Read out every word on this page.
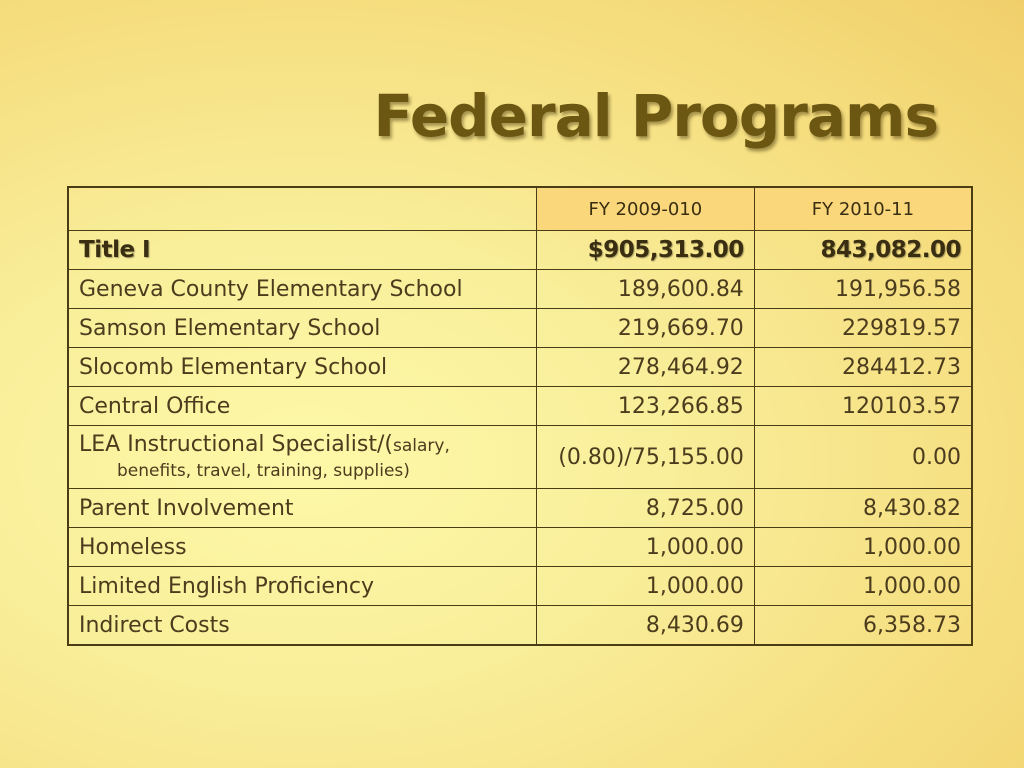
Federal Programs
	FY 2009-010	FY 2010-11
Title I	$905,313.00	843,082.00
Geneva County Elementary School	189,600.84	191,956.58
Samson Elementary School	219,669.70	229819.57
Slocomb Elementary School	278,464.92	284412.73
Central Office	123,266.85	120103.57

LEA Instructional Specialist/(salary,
benefits, travel, training, supplies)	(0.80)/75,155.00	0.00
Parent Involvement	8,725.00	8,430.82
Homeless	1,000.00	1,000.00
Limited English Proficiency	1,000.00	1,000.00
Indirect Costs	8,430.69	6,358.73
